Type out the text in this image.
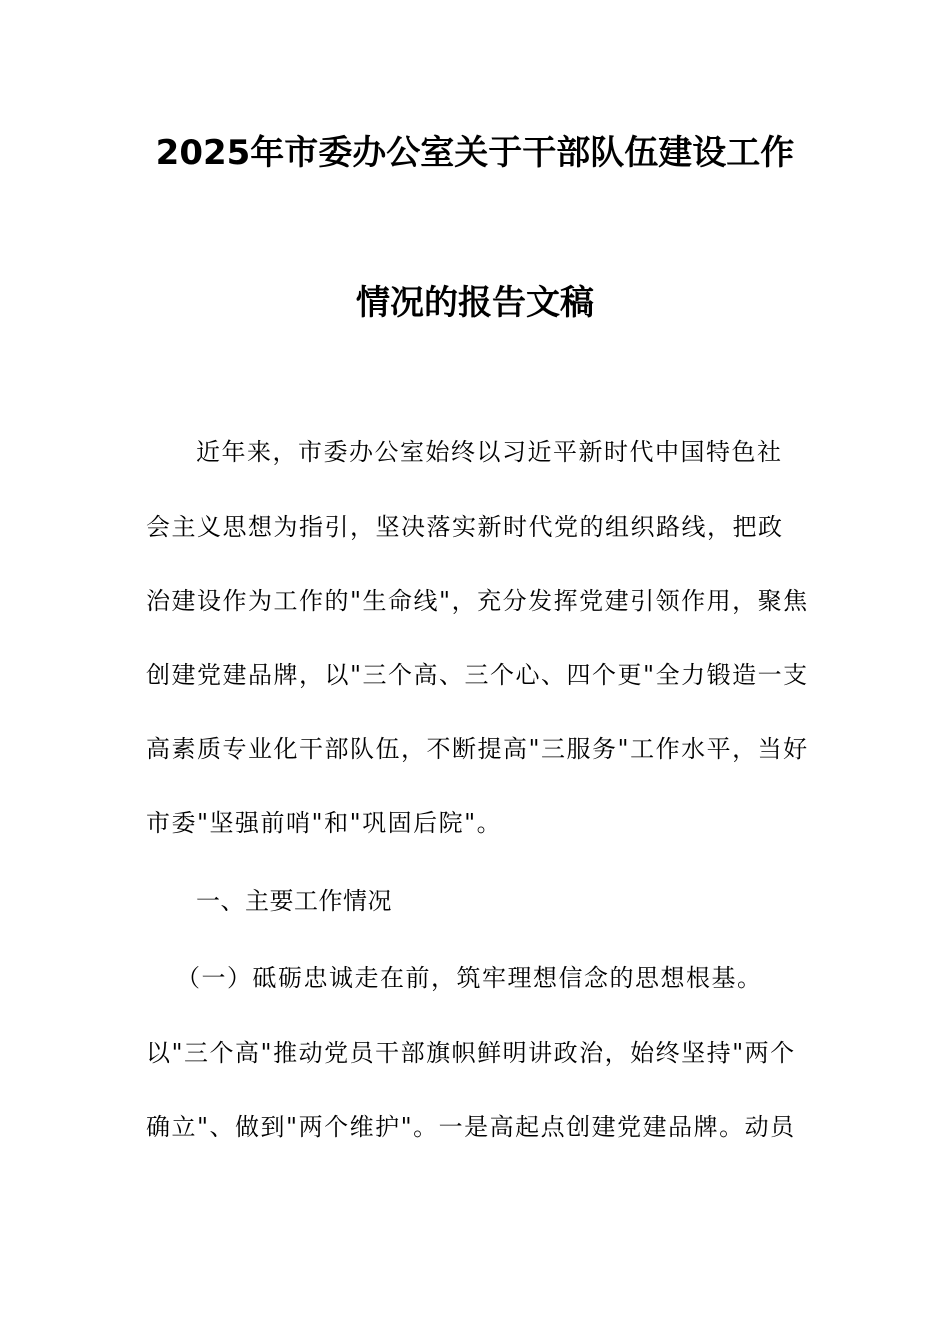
2025年市委办公室关于干部队伍建设工作
情况的报告文稿

近年来，市委办公室始终以习近平新时代中国特色社

会主义思想为指引，坚决落实新时代党的组织路线，把政

治建设作为工作的"生命线"，充分发挥党建引领作用，聚焦

创建党建品牌，以"三个高、三个心、四个更"全力锻造一支

高素质专业化干部队伍，不断提高"三服务"工作水平，当好

市委"坚强前哨"和"巩固后院"。

一、主要工作情况

（一）砥砺忠诚走在前，筑牢理想信念的思想根基。

以"三个高"推动党员干部旗帜鲜明讲政治，始终坚持"两个

确立"、做到"两个维护"。一是高起点创建党建品牌。动员
